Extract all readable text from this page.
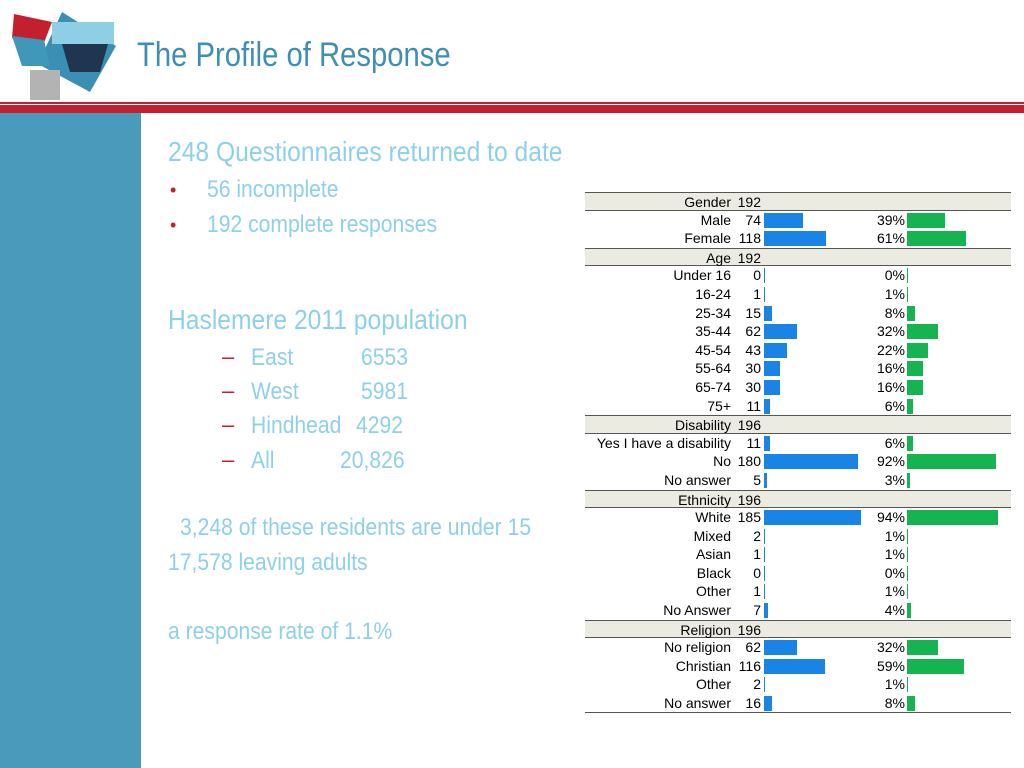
The Profile of Response
248 Questionnaires returned to date
• 56 incomplete
• 192 complete responses
Haslemere 2011 population
– East	6553
– West	5981
– Hindhead 4292
– All	20,826
3,248 of these residents are under 15
17,578 leaving adults
a response rate of 1.1%
Gender 192
Male	74	39%
Female 118	61%
Age 192
Under 16	0	0%
16-24	1	1%
25-34	15	8%
35-44	62	32%
45-54	43	22%
55-64	30	16%
65-74	30	16%
75+	11	6%
Disability 196
Yes I have a disability	11	6%
No 180	92%
No answer	5	3%
Ethnicity 196
White 185	94%
Mixed	2	1%
Asian	1	1%
Black	0	0%
Other	1	1%
No Answer	7	4%
Religion 196
No religion	62	32%
Christian 116	59%
Other	2	1%
No answer	16	8%
